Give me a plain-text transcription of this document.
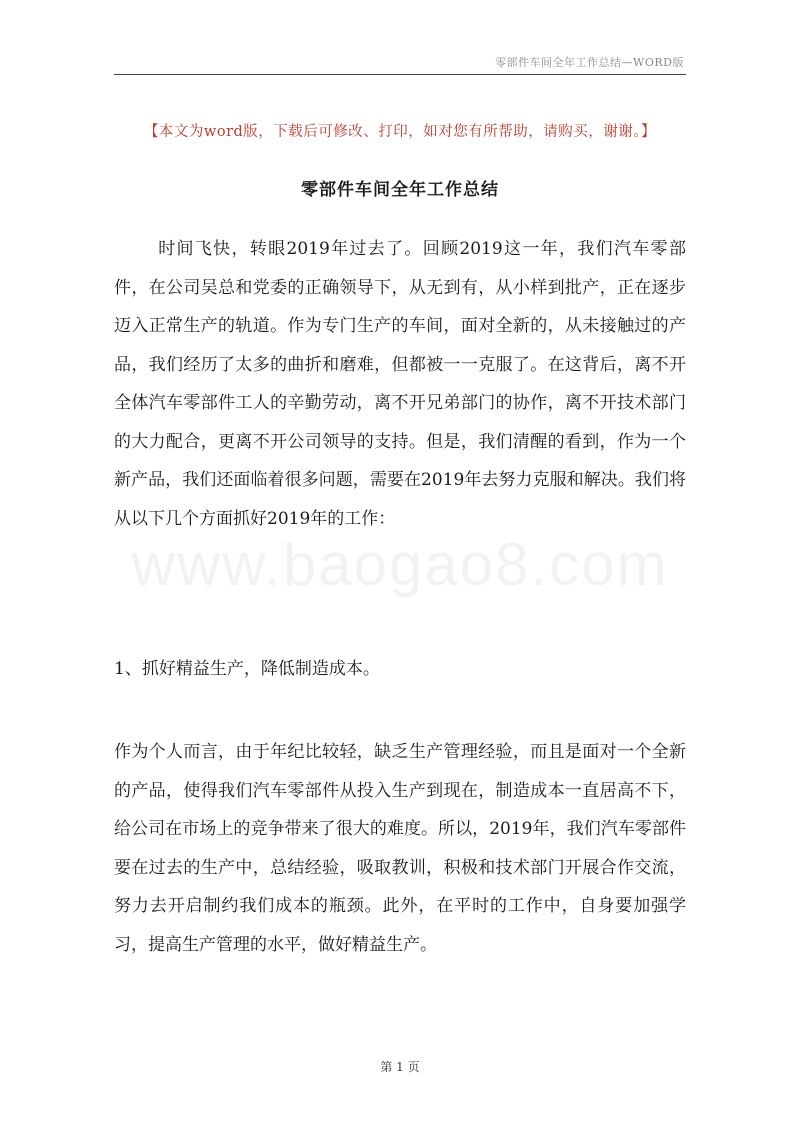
零部件车间全年工作总结—WORD版
【本文为word版，下载后可修改、打印，如对您有所帮助，请购买，谢谢。】
零部件车间全年工作总结
时间飞快，转眼2019年过去了。回顾2019这一年，我们汽车零部件，在公司吴总和党委的正确领导下，从无到有，从小样到批产，正在逐步迈入正常生产的轨道。作为专门生产的车间，面对全新的，从未接触过的产品，我们经历了太多的曲折和磨难，但都被一一克服了。在这背后，离不开全体汽车零部件工人的辛勤劳动，离不开兄弟部门的协作，离不开技术部门的大力配合，更离不开公司领导的支持。但是，我们清醒的看到，作为一个新产品，我们还面临着很多问题，需要在2019年去努力克服和解决。我们将从以下几个方面抓好2019年的工作：
www.baogao8.com
1、抓好精益生产，降低制造成本。
作为个人而言，由于年纪比较轻，缺乏生产管理经验，而且是面对一个全新的产品，使得我们汽车零部件从投入生产到现在，制造成本一直居高不下，给公司在市场上的竞争带来了很大的难度。所以，2019年，我们汽车零部件要在过去的生产中，总结经验，吸取教训，积极和技术部门开展合作交流，努力去开启制约我们成本的瓶颈。此外，在平时的工作中，自身要加强学习，提高生产管理的水平，做好精益生产。
第 1 页
